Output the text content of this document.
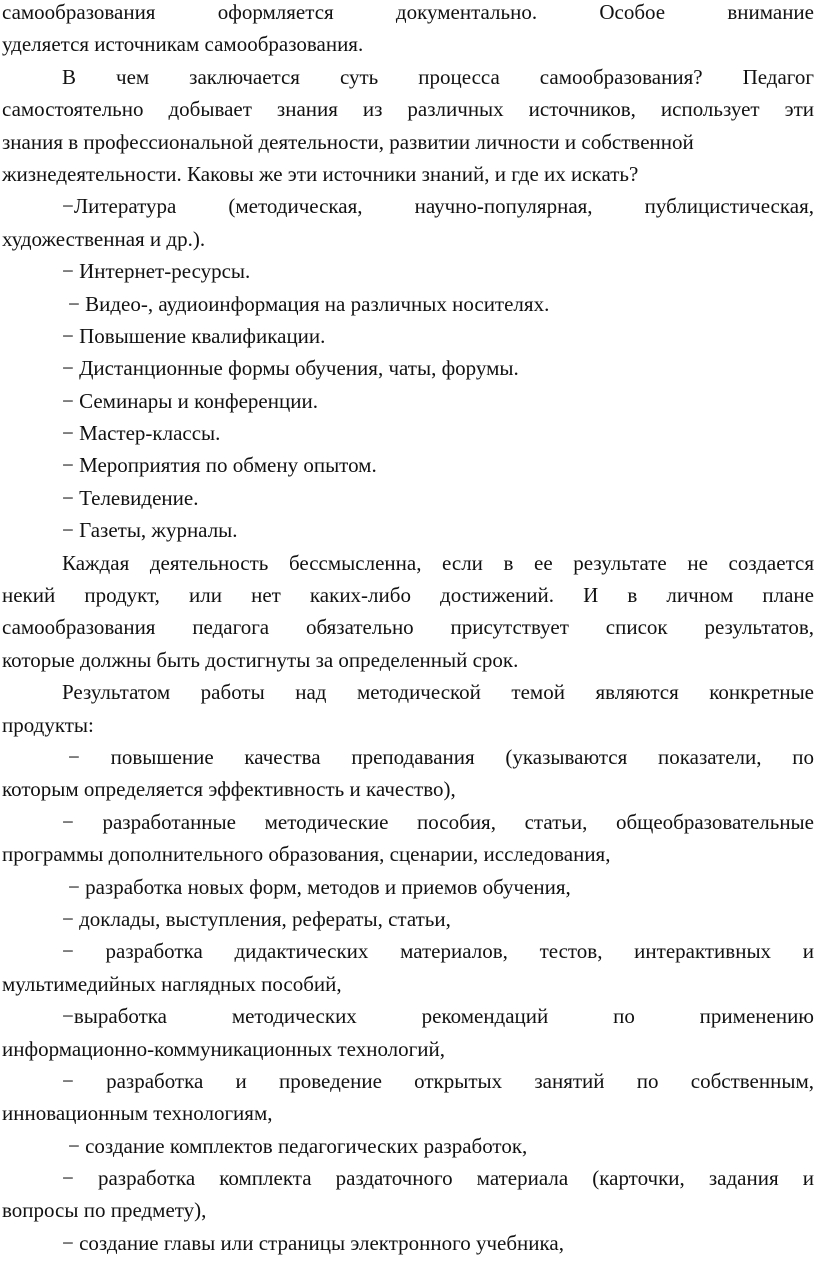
самообразования оформляется документально. Особое внимание
уделяется источникам самообразования.
В чем заключается суть процесса самообразования? Педагог
самостоятельно добывает знания из различных источников, использует эти
знания в профессиональной деятельности, развитии личности и собственной
жизнедеятельности. Каковы же эти источники знаний, и где их искать?
−Литература (методическая, научно-популярная, публицистическая,
художественная и др.).
− Интернет-ресурсы.
− Видео-, аудиоинформация на различных носителях.
− Повышение квалификации.
− Дистанционные формы обучения, чаты, форумы.
− Семинары и конференции.
− Мастер-классы.
− Мероприятия по обмену опытом.
− Телевидение.
− Газеты, журналы.
Каждая деятельность бессмысленна, если в ее результате не создается
некий продукт, или нет каких-либо достижений. И в личном плане
самообразования педагога обязательно присутствует список результатов,
которые должны быть достигнуты за определенный срок.
Результатом работы над методической темой являются конкретные
продукты:
− повышение качества преподавания (указываются показатели, по
которым определяется эффективность и качество),
− разработанные методические пособия, статьи, общеобразовательные
программы дополнительного образования, сценарии, исследования,
− разработка новых форм, методов и приемов обучения,
− доклады, выступления, рефераты, статьи,
− разработка дидактических материалов, тестов, интерактивных и
мультимедийных наглядных пособий,
−выработка методических рекомендаций по применению
информационно-коммуникационных технологий,
− разработка и проведение открытых занятий по собственным,
инновационным технологиям,
− создание комплектов педагогических разработок,
− разработка комплекта раздаточного материала (карточки, задания и
вопросы по предмету),
− создание главы или страницы электронного учебника,
